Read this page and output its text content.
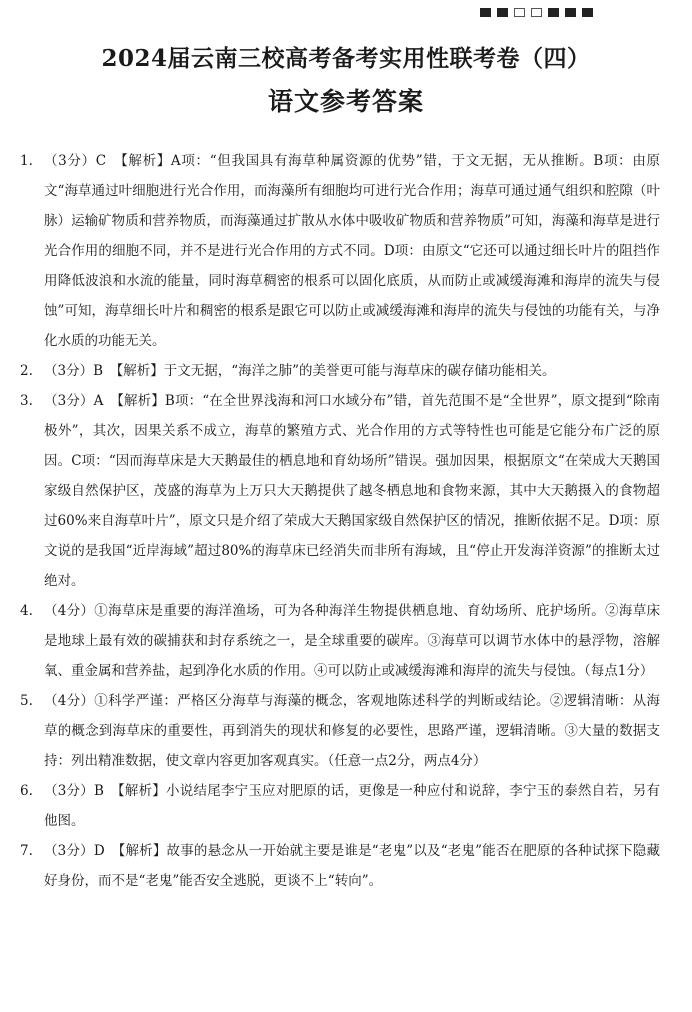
2024届云南三校高考备考实用性联考卷（四）
语文参考答案
1. （3分）C　【解析】A项：“但我国具有海草种属资源的优势”错，于文无据，无从推断。B项：由原文“海草通过叶细胞进行光合作用，而海藻所有细胞均可进行光合作用；海草可通过通气组织和腔隙（叶脉）运输矿物质和营养物质，而海藻通过扩散从水体中吸收矿物质和营养物质”可知，海藻和海草是进行光合作用的细胞不同，并不是进行光合作用的方式不同。D项：由原文“它还可以通过细长叶片的阻挡作用降低波浪和水流的能量，同时海草稠密的根系可以固化底质，从而防止或减缓海滩和海岸的流失与侵蚀”可知，海草细长叶片和稠密的根系是跟它可以防止或减缓海滩和海岸的流失与侵蚀的功能有关，与净化水质的功能无关。

2. （3分）B　【解析】于文无据，“海洋之肺”的美誉更可能与海草床的碳存储功能相关。

3. （3分）A　【解析】B项：“在全世界浅海和河口水域分布”错，首先范围不是“全世界”，原文提到“除南极外”，其次，因果关系不成立，海草的繁殖方式、光合作用的方式等特性也可能是它能分布广泛的原因。C项：“因而海草床是大天鹅最佳的栖息地和育幼场所”错误。强加因果，根据原文“在荣成大天鹅国家级自然保护区，茂盛的海草为上万只大天鹅提供了越冬栖息地和食物来源，其中大天鹅摄入的食物超过60%来自海草叶片”，原文只是介绍了荣成大天鹅国家级自然保护区的情况，推断依据不足。D项：原文说的是我国“近岸海域”超过80%的海草床已经消失而非所有海域，且“停止开发海洋资源”的推断太过绝对。

4. （4分）①海草床是重要的海洋渔场，可为各种海洋生物提供栖息地、育幼场所、庇护场所。②海草床是地球上最有效的碳捕获和封存系统之一，是全球重要的碳库。③海草可以调节水体中的悬浮物，溶解氧、重金属和营养盐，起到净化水质的作用。④可以防止或减缓海滩和海岸的流失与侵蚀。（每点1分）

5. （4分）①科学严谨：严格区分海草与海藻的概念，客观地陈述科学的判断或结论。②逻辑清晰：从海草的概念到海草床的重要性，再到消失的现状和修复的必要性，思路严谨，逻辑清晰。③大量的数据支持：列出精准数据，使文章内容更加客观真实。（任意一点2分，两点4分）

6. （3分）B　【解析】小说结尾李宁玉应对肥原的话，更像是一种应付和说辞，李宁玉的泰然自若，另有他图。

7. （3分）D　【解析】故事的悬念从一开始就主要是谁是“老鬼”以及“老鬼”能否在肥原的各种试探下隐藏好身份，而不是“老鬼”能否安全逃脱，更谈不上“转向”。
